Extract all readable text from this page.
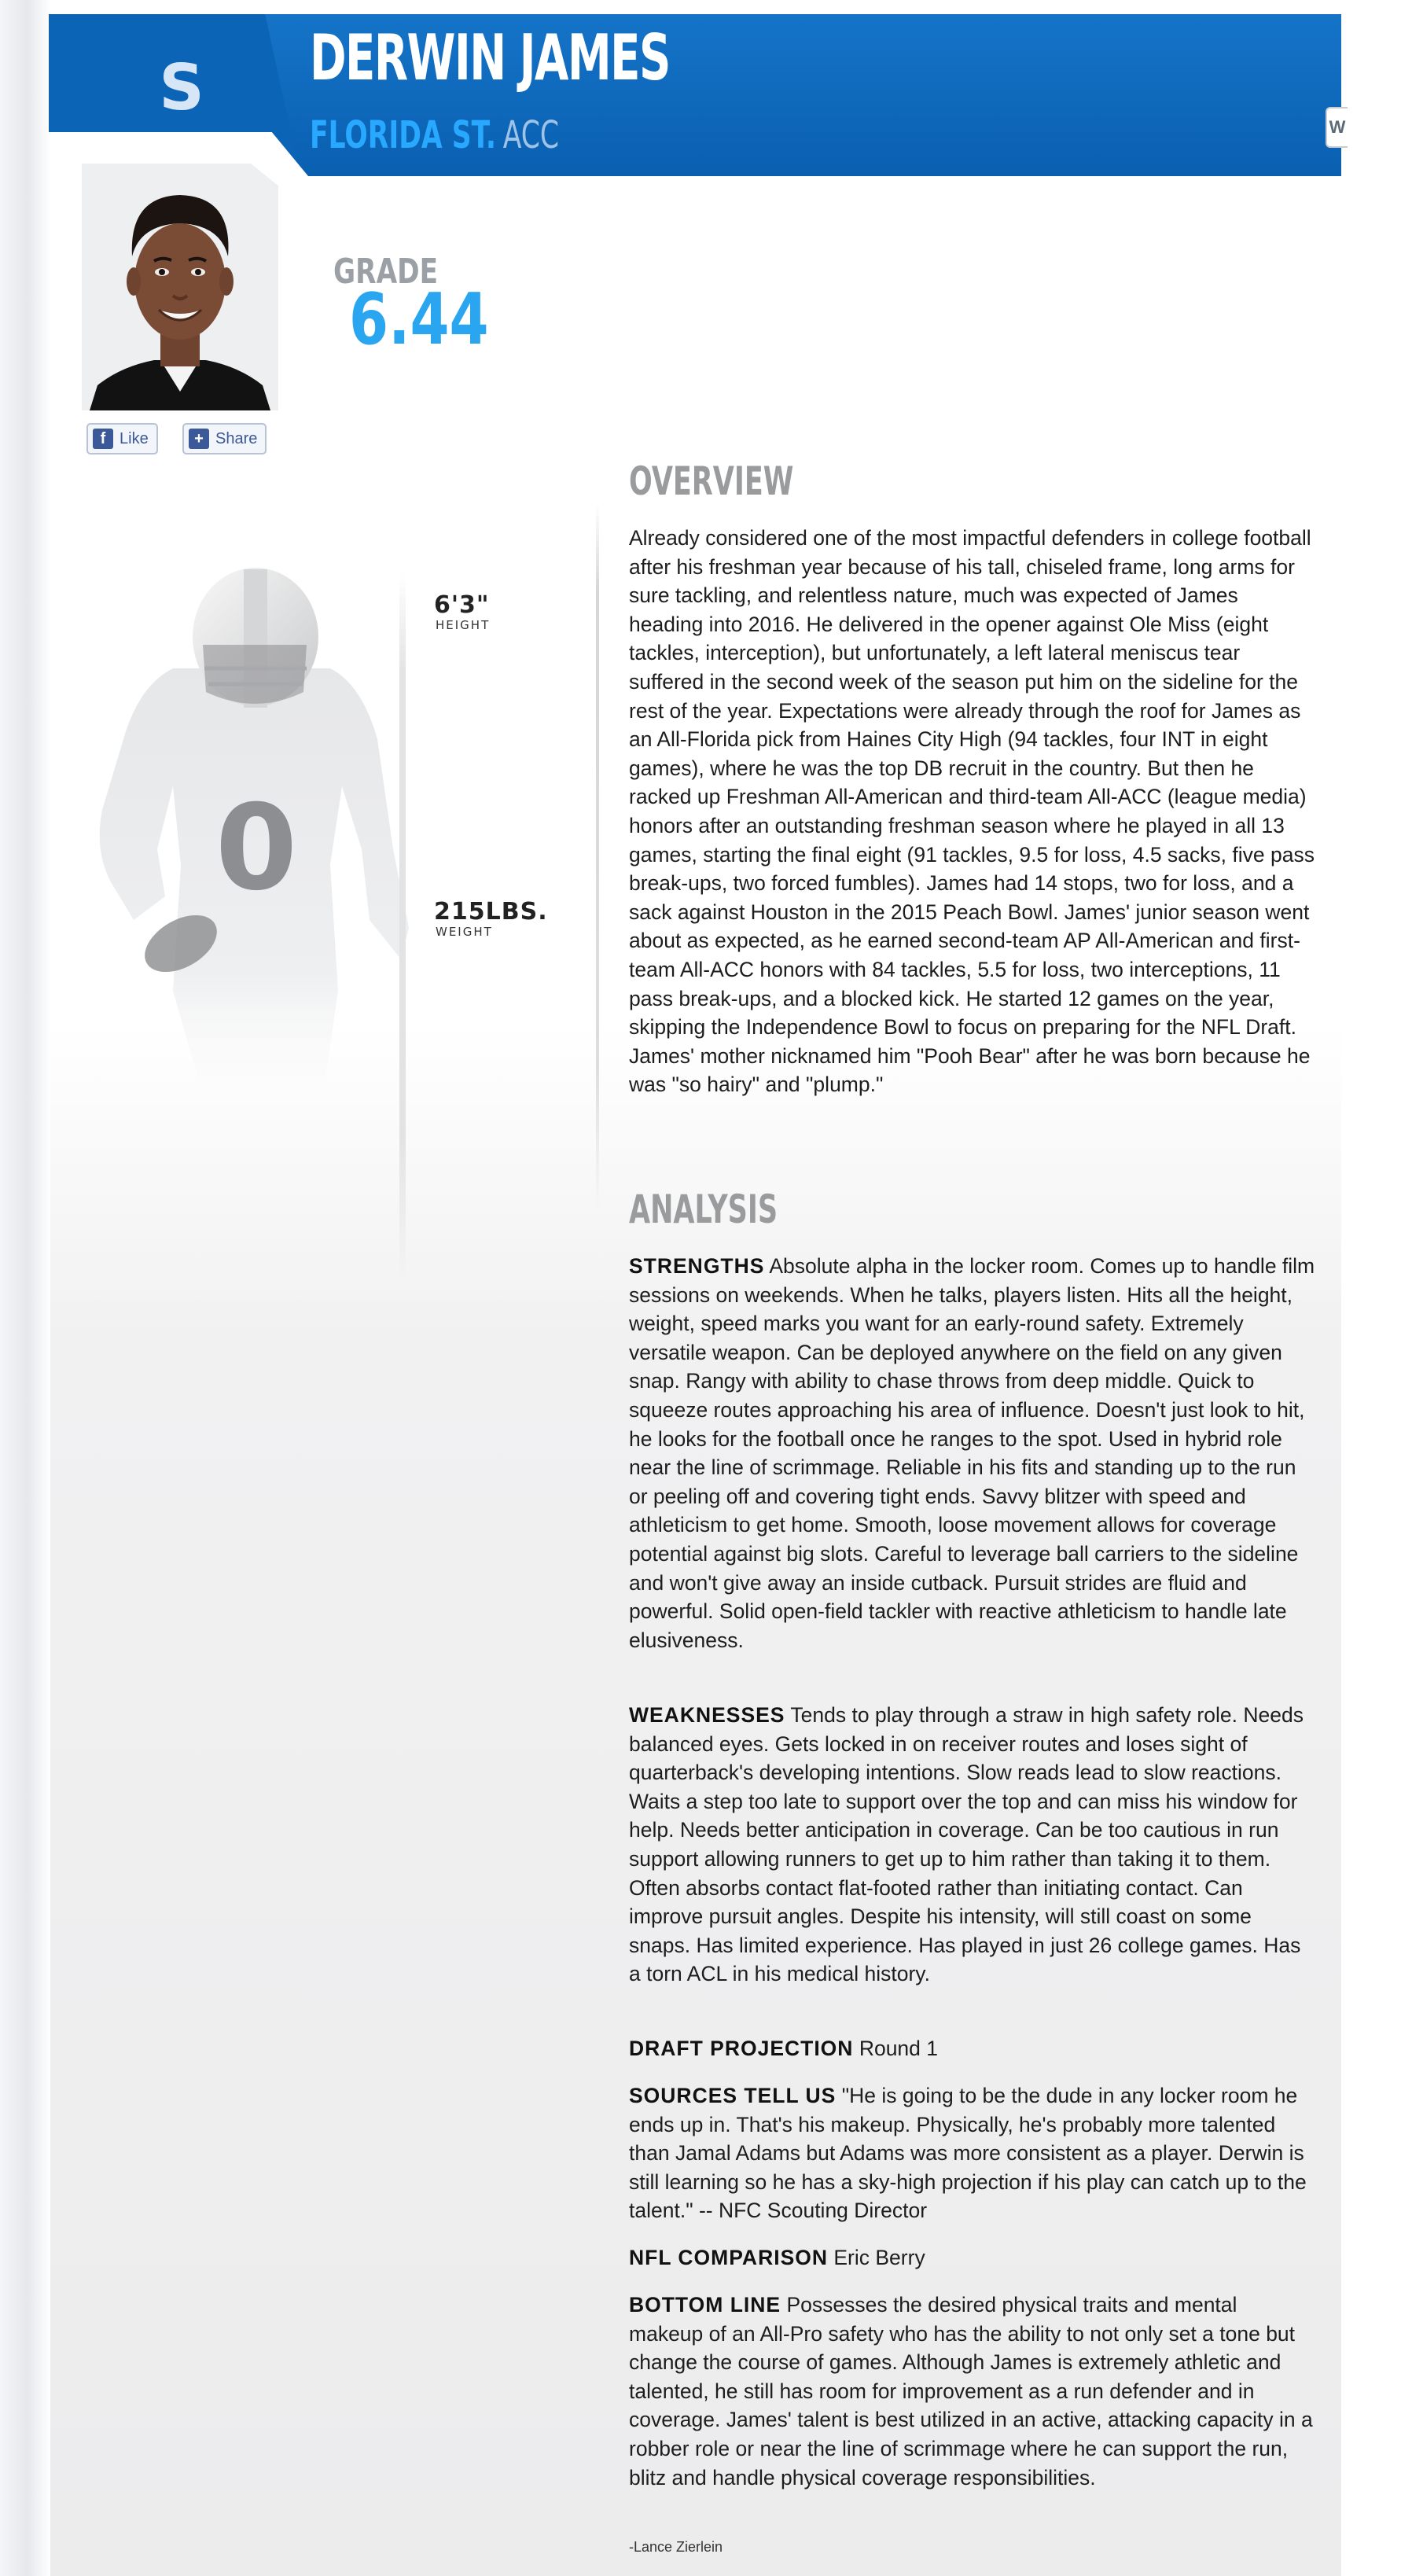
S DERWIN JAMES
FLORIDA ST. ACC	W
f Like	+ Share
GRADE
6.44
0
6'3"
HEIGHT
215LBS.
WEIGHT
OVERVIEW

Already considered one of the most impactful defenders in college football after his freshman year because of his tall, chiseled frame, long arms for sure tackling, and relentless nature, much was expected of James heading into 2016. He delivered in the opener against Ole Miss (eight tackles, interception), but unfortunately, a left lateral meniscus tear suffered in the second week of the season put him on the sideline for the rest of the year. Expectations were already through the roof for James as an All-Florida pick from Haines City High (94 tackles, four INT in eight games), where he was the top DB recruit in the country. But then he racked up Freshman All-American and third-team All-ACC (league media) honors after an outstanding freshman season where he played in all 13 games, starting the final eight (91 tackles, 9.5 for loss, 4.5 sacks, five pass break-ups, two forced fumbles). James had 14 stops, two for loss, and a sack against Houston in the 2015 Peach Bowl. James' junior season went about as expected, as he earned second-team AP All-American and first-team All-ACC honors with 84 tackles, 5.5 for loss, two interceptions, 11 pass break-ups, and a blocked kick. He started 12 games on the year, skipping the Independence Bowl to focus on preparing for the NFL Draft. James' mother nicknamed him "Pooh Bear" after he was born because he was "so hairy" and "plump."

ANALYSIS

STRENGTHS Absolute alpha in the locker room. Comes up to handle film sessions on weekends. When he talks, players listen. Hits all the height, weight, speed marks you want for an early-round safety. Extremely versatile weapon. Can be deployed anywhere on the field on any given snap. Rangy with ability to chase throws from deep middle. Quick to squeeze routes approaching his area of influence. Doesn't just look to hit, he looks for the football once he ranges to the spot. Used in hybrid role near the line of scrimmage. Reliable in his fits and standing up to the run or peeling off and covering tight ends. Savvy blitzer with speed and athleticism to get home. Smooth, loose movement allows for coverage potential against big slots. Careful to leverage ball carriers to the sideline and won't give away an inside cutback. Pursuit strides are fluid and powerful. Solid open-field tackler with reactive athleticism to handle late elusiveness.

WEAKNESSES Tends to play through a straw in high safety role. Needs balanced eyes. Gets locked in on receiver routes and loses sight of quarterback's developing intentions. Slow reads lead to slow reactions. Waits a step too late to support over the top and can miss his window for help. Needs better anticipation in coverage. Can be too cautious in run support allowing runners to get up to him rather than taking it to them. Often absorbs contact flat-footed rather than initiating contact. Can improve pursuit angles. Despite his intensity, will still coast on some snaps. Has limited experience. Has played in just 26 college games. Has a torn ACL in his medical history.

DRAFT PROJECTION Round 1

SOURCES TELL US "He is going to be the dude in any locker room he ends up in. That's his makeup. Physically, he's probably more talented than Jamal Adams but Adams was more consistent as a player. Derwin is still learning so he has a sky-high projection if his play can catch up to the talent." -- NFC Scouting Director

NFL COMPARISON Eric Berry

BOTTOM LINE Possesses the desired physical traits and mental makeup of an All-Pro safety who has the ability to not only set a tone but change the course of games. Although James is extremely athletic and talented, he still has room for improvement as a run defender and in coverage. James' talent is best utilized in an active, attacking capacity in a robber role or near the line of scrimmage where he can support the run, blitz and handle physical coverage responsibilities.

-Lance Zierlein
